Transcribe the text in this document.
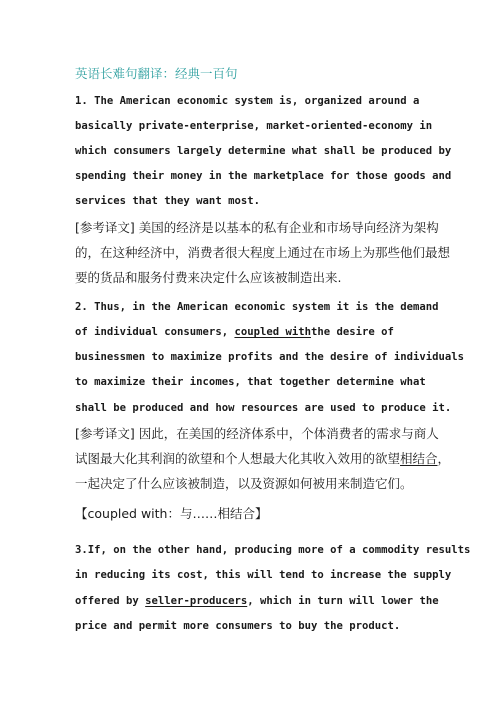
英语长难句翻译：经典一百句
1. The American economic system is, organized around a
basically private-enterprise, market-oriented-economy in
which consumers largely determine what shall be produced by
spending their money in the marketplace for those goods and
services that they want most.
[参考译文] 美国的经济是以基本的私有企业和市场导向经济为架构
的，在这种经济中，消费者很大程度上通过在市场上为那些他们最想
要的货品和服务付费来决定什么应该被制造出来.
2. Thus, in the American economic system it is the demand
of individual consumers, coupled withthe desire of
businessmen to maximize profits and the desire of individuals
to maximize their incomes, that together determine what
shall be produced and how resources are used to produce it.
[参考译文] 因此，在美国的经济体系中，个体消费者的需求与商人
试图最大化其利润的欲望和个人想最大化其收入效用的欲望相结合，
一起决定了什么应该被制造，以及资源如何被用来制造它们。
【coupled with：与……相结合】
3.If, on the other hand, producing more of a commodity results
in reducing its cost, this will tend to increase the supply
offered by seller-producers, which in turn will lower the
price and permit more consumers to buy the product.
